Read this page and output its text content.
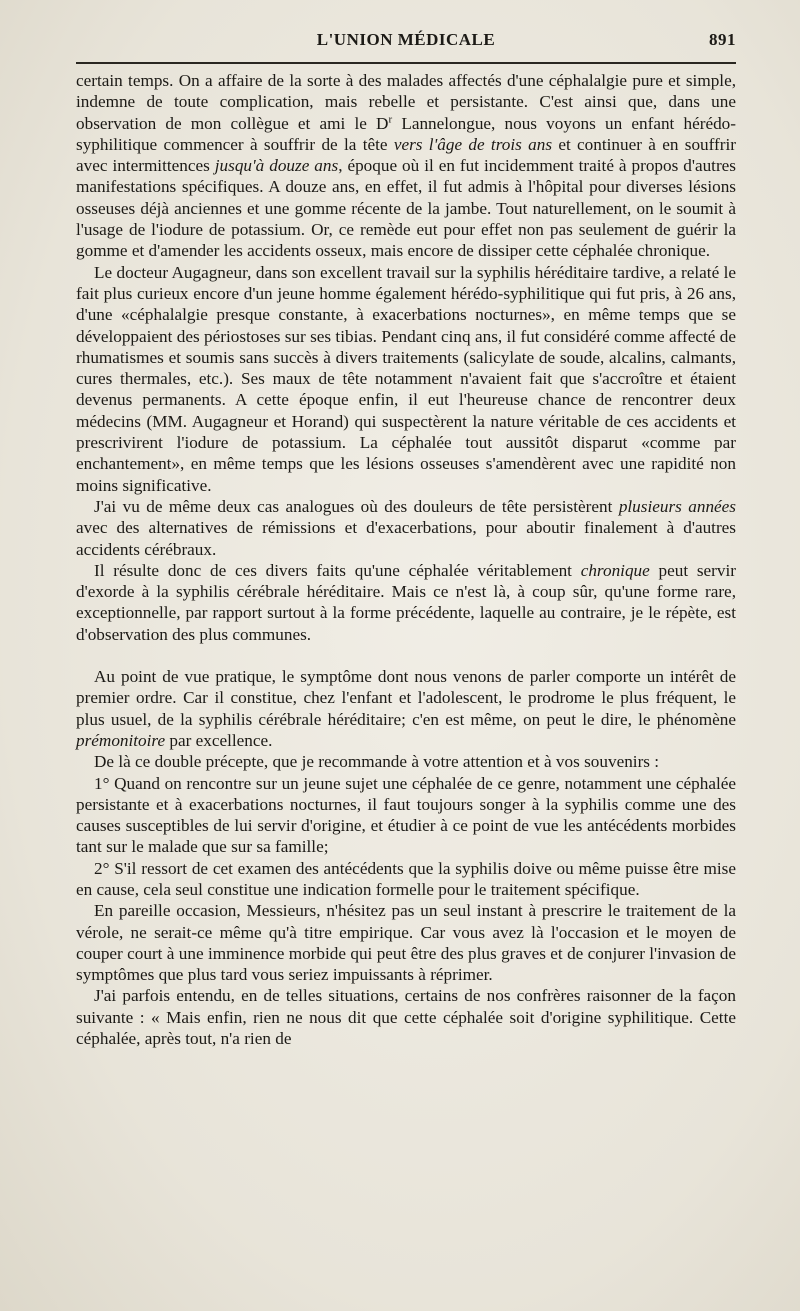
L'UNION MÉDICALE	891

certain temps. On a affaire de la sorte à des malades affectés d'une céphalalgie pure et simple, indemne de toute complication, mais rebelle et persistante. C'est ainsi que, dans une observation de mon collègue et ami le $D^r$ Lannelongue, nous voyons un enfant hérédo-syphilitique commencer à souffrir de la tête vers l'âge de trois ans et continuer à en souffrir avec intermittences jusqu'à douze ans, époque où il en fut incidemment traité à propos d'autres manifestations spécifiques. A douze ans, en effet, il fut admis à l'hôpital pour diverses lésions osseuses déjà anciennes et une gomme récente de la jambe. Tout naturellement, on le soumit à l'usage de l'iodure de potassium. Or, ce remède eut pour effet non pas seulement de guérir la gomme et d'amender les accidents osseux, mais encore de dissiper cette céphalée chronique.

Le docteur Augagneur, dans son excellent travail sur la syphilis héréditaire tardive, a relaté le fait plus curieux encore d'un jeune homme également hérédo-syphilitique qui fut pris, à 26 ans, d'une «céphalalgie presque constante, à exacerbations nocturnes», en même temps que se développaient des périostoses sur ses tibias. Pendant cinq ans, il fut considéré comme affecté de rhumatismes et soumis sans succès à divers traitements (salicylate de soude, alcalins, calmants, cures thermales, etc.). Ses maux de tête notamment n'avaient fait que s'accroître et étaient devenus permanents. A cette époque enfin, il eut l'heureuse chance de rencontrer deux médecins (MM. Augagneur et Horand) qui suspectèrent la nature véritable de ces accidents et prescrivirent l'iodure de potassium. La céphalée tout aussitôt disparut «comme par enchantement», en même temps que les lésions osseuses s'amendèrent avec une rapidité non moins significative.

J'ai vu de même deux cas analogues où des douleurs de tête persistèrent plusieurs années avec des alternatives de rémissions et d'exacerbations, pour aboutir finalement à d'autres accidents cérébraux.

Il résulte donc de ces divers faits qu'une céphalée véritablement chronique peut servir d'exorde à la syphilis cérébrale héréditaire. Mais ce n'est là, à coup sûr, qu'une forme rare, exceptionnelle, par rapport surtout à la forme précédente, laquelle au contraire, je le répète, est d'observation des plus communes.

Au point de vue pratique, le symptôme dont nous venons de parler comporte un intérêt de premier ordre. Car il constitue, chez l'enfant et l'adolescent, le prodrome le plus fréquent, le plus usuel, de la syphilis cérébrale héréditaire; c'en est même, on peut le dire, le phénomène prémonitoire par excellence.

De là ce double précepte, que je recommande à votre attention et à vos souvenirs :

1° Quand on rencontre sur un jeune sujet une céphalée de ce genre, notamment une céphalée persistante et à exacerbations nocturnes, il faut toujours songer à la syphilis comme une des causes susceptibles de lui servir d'origine, et étudier à ce point de vue les antécédents morbides tant sur le malade que sur sa famille;

2° S'il ressort de cet examen des antécédents que la syphilis doive ou même puisse être mise en cause, cela seul constitue une indication formelle pour le traitement spécifique.

En pareille occasion, Messieurs, n'hésitez pas un seul instant à prescrire le traitement de la vérole, ne serait-ce même qu'à titre empirique. Car vous avez là l'occasion et le moyen de couper court à une imminence morbide qui peut être des plus graves et de conjurer l'invasion de symptômes que plus tard vous seriez impuissants à réprimer.

J'ai parfois entendu, en de telles situations, certains de nos confrères raisonner de la façon suivante : « Mais enfin, rien ne nous dit que cette céphalée soit d'origine syphilitique. Cette céphalée, après tout, n'a rien de
